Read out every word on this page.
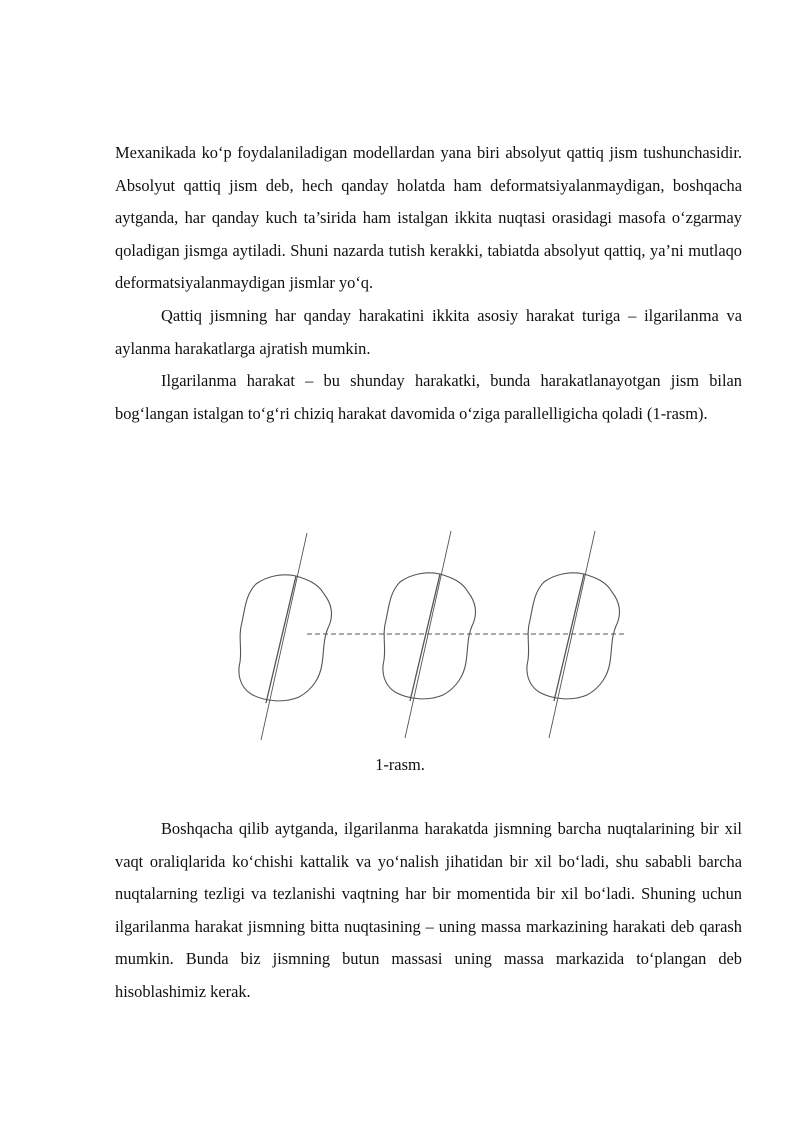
Mexanikada ko‘p foydalaniladigan modellardan yana biri absolyut qattiq jism tushunchasidir. Absolyut qattiq jism deb, hech qanday holatda ham deformatsiyalanmaydigan, boshqacha aytganda, har qanday kuch ta’sirida ham istalgan ikkita nuqtasi orasidagi masofa o‘zgarmay qoladigan jismga aytiladi. Shuni nazarda tutish kerakki, tabiatda absolyut qattiq, ya’ni mutlaqo deformatsiyalanmaydigan jismlar yo‘q.

Qattiq jismning har qanday harakatini ikkita asosiy harakat turiga – ilgarilanma va aylanma harakatlarga ajratish mumkin.

Ilgarilanma harakat – bu shunday harakatki, bunda harakatlanayotgan jism bilan bog‘langan istalgan to‘g‘ri chiziq harakat davomida o‘ziga parallelligicha qoladi (1-rasm).

1-rasm.

Boshqacha qilib aytganda, ilgarilanma harakatda jismning barcha nuqtalarining bir xil vaqt oraliqlarida ko‘chishi kattalik va yo‘nalish jihatidan bir xil bo‘ladi, shu sababli barcha nuqtalarning tezligi va tezlanishi vaqtning har bir momentida bir xil bo‘ladi. Shuning uchun ilgarilanma harakat jismning bitta nuqtasining – uning massa markazining harakati deb qarash mumkin. Bunda biz jismning butun massasi uning massa markazida to‘plangan deb hisoblashimiz kerak.
